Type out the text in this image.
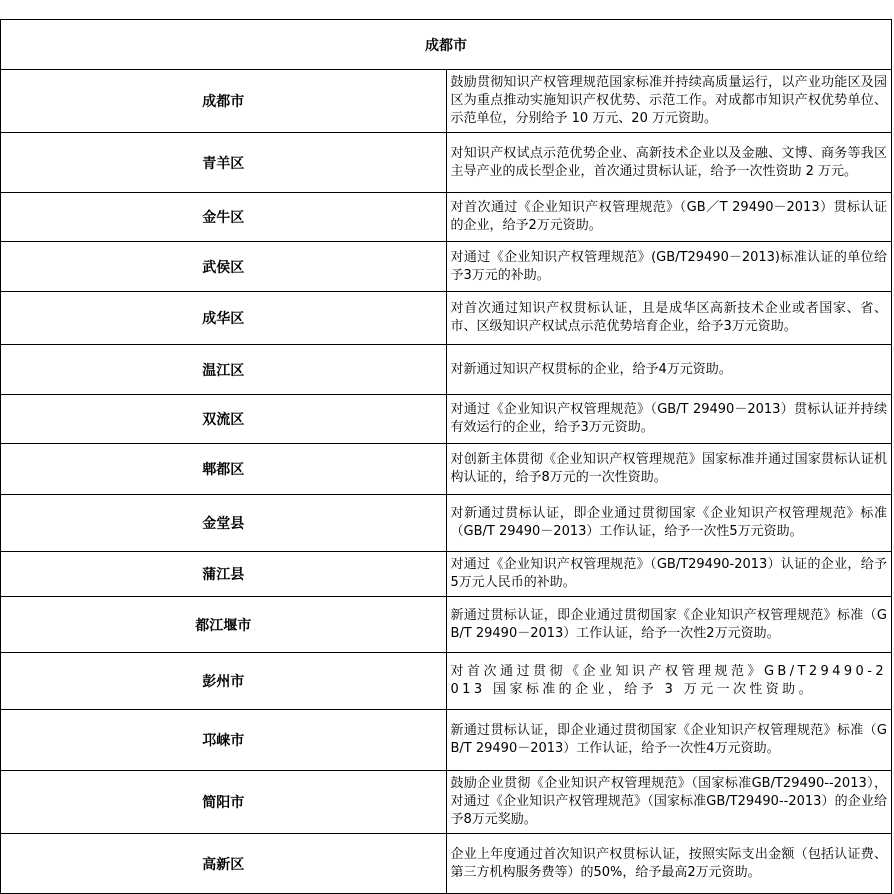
成都市	
成都市	鼓励贯彻知识产权管理规范国家标准并持续高质量运行，以产业功能区及园区为重点推动实施知识产权优势、示范工作。对成都市知识产权优势单位、示范单位，分别给予 10 万元、20 万元资助。
青羊区	对知识产权试点示范优势企业、高新技术企业以及金融、文博、商务等我区主导产业的成长型企业，首次通过贯标认证，给予一次性资助 2 万元。
金牛区	对首次通过《企业知识产权管理规范》（GB／T 29490－2013）贯标认证的企业，给予2万元资助。
武侯区	对通过《企业知识产权管理规范》(GB/T29490－2013)标准认证的单位给予3万元的补助。
成华区	对首次通过知识产权贯标认证，且是成华区高新技术企业或者国家、省、市、区级知识产权试点示范优势培育企业，给予3万元资助。
温江区	对新通过知识产权贯标的企业，给予4万元资助。
双流区	对通过《企业知识产权管理规范》（GB/T 29490－2013）贯标认证并持续有效运行的企业，给予3万元资助。
郫都区	对创新主体贯彻《企业知识产权管理规范》国家标准并通过国家贯标认证机构认证的，给予8万元的一次性资助。
金堂县	对新通过贯标认证，即企业通过贯彻国家《企业知识产权管理规范》标准（GB/T 29490－2013）工作认证，给予一次性5万元资助。
蒲江县	对通过《企业知识产权管理规范》（GB/T29490-2013）认证的企业，给予5万元人民币的补助。
都江堰市	新通过贯标认证，即企业通过贯彻国家《企业知识产权管理规范》标准（GB/T 29490－2013）工作认证，给予一次性2万元资助。
彭州市	对首次通过贯彻《企业知识产权管理规范》GB/T29490-2013 国家标准的企业，给予 3 万元一次性资助。
邛崃市	新通过贯标认证，即企业通过贯彻国家《企业知识产权管理规范》标准（GB/T 29490－2013）工作认证，给予一次性4万元资助。
简阳市	鼓励企业贯彻《企业知识产权管理规范》（国家标准GB/T29490--2013），对通过《企业知识产权管理规范》（国家标准GB/T29490--2013）的企业给予8万元奖励。
高新区	企业上年度通过首次知识产权贯标认证，按照实际支出金额（包括认证费、第三方机构服务费等）的50%，给予最高2万元资助。
